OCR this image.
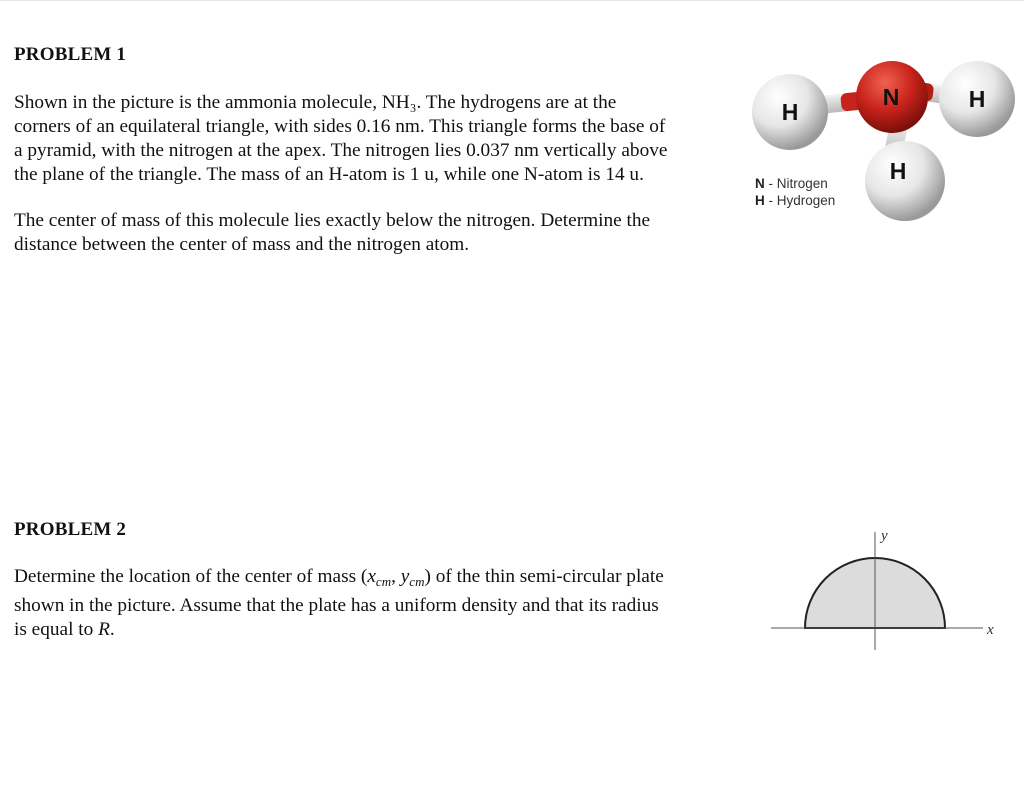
PROBLEM 1
Shown in the picture is the ammonia molecule, NH₃. The hydrogens are at the
corners of an equilateral triangle, with sides 0.16 nm. This triangle forms the base of
a pyramid, with the nitrogen at the apex. The nitrogen lies 0.037 nm vertically above
the plane of the triangle. The mass of an H-atom is 1 u, while one N-atom is 14 u.
The center of mass of this molecule lies exactly below the nitrogen. Determine the
distance between the center of mass and the nitrogen atom.
H
H
H
N
N - Nitrogen
H - Hydrogen
PROBLEM 2
Determine the location of the center of mass ($x_{cm}$, $y_{cm}$) of the thin semi-circular plate
shown in the picture. Assume that the plate has a uniform density and that its radius
is equal to R.	x
y
